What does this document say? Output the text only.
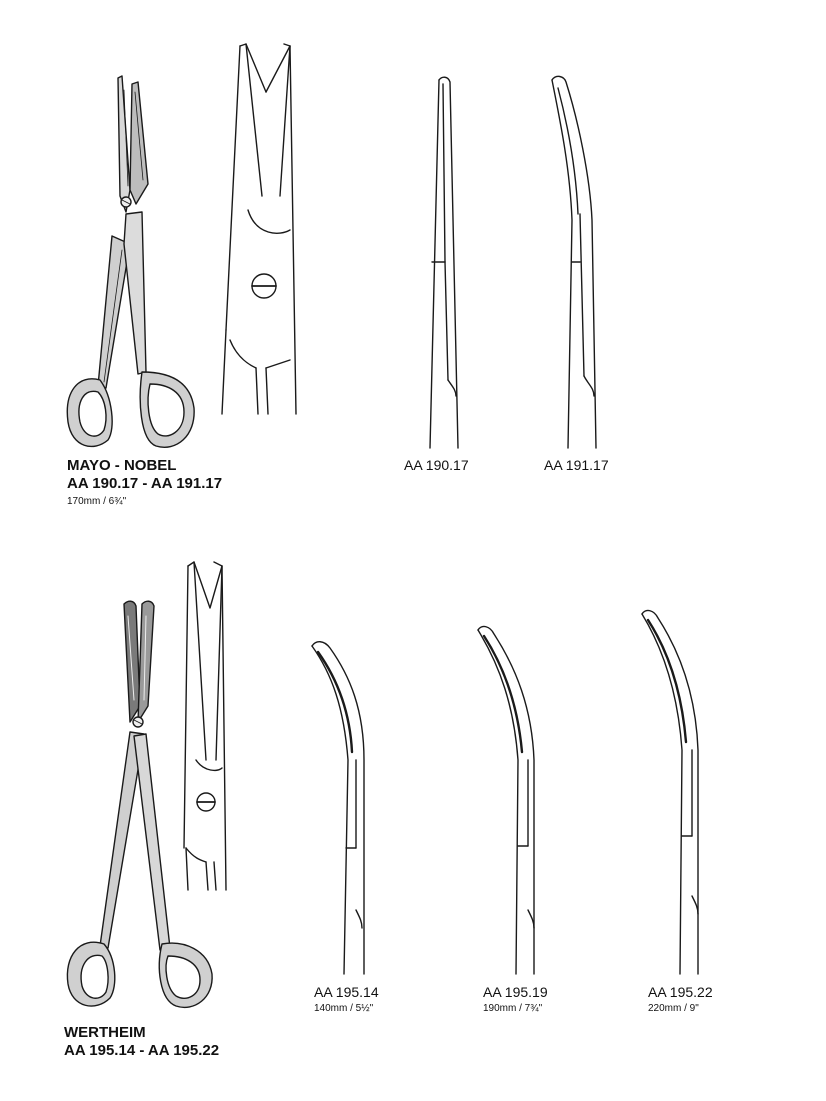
MAYO - NOBEL
AA 190.17 - AA 191.17
170mm / 6¾"
AA 190.17	AA 191.17
AA 195.14
140mm / 5½"
AA 195.19
190mm / 7¾"
AA 195.22
220mm / 9"
WERTHEIM
AA 195.14 - AA 195.22
